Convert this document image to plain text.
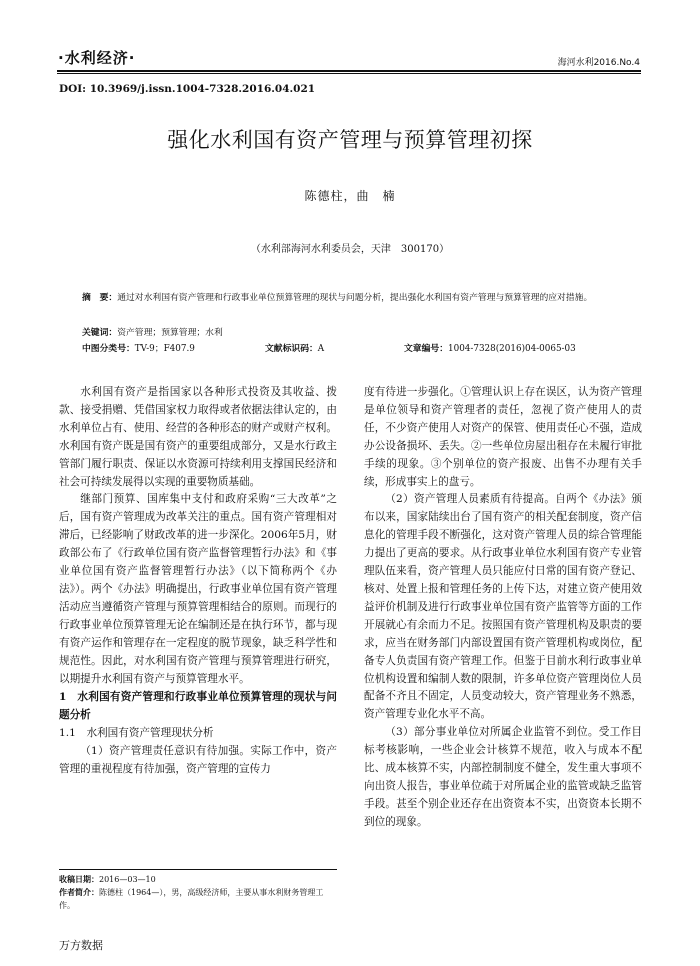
·水利经济·	海河水利2016.No.4
DOI: 10.3969/j.issn.1004-7328.2016.04.021
强化水利国有资产管理与预算管理初探
陈德柱，曲　楠
（水利部海河水利委员会，天津　300170）
摘　要：通过对水利国有资产管理和行政事业单位预算管理的现状与问题分析，提出强化水利国有资产管理与预算管理的应对措施。
关键词：资产管理；预算管理；水利
中图分类号：TV-9；F407.9	文献标识码：A	文章编号：1004-7328(2016)04-0065-03

水利国有资产是指国家以各种形式投资及其收益、拨款、接受捐赠、凭借国家权力取得或者依据法律认定的，由水利单位占有、使用、经营的各种形态的财产或财产权利。水利国有资产既是国有资产的重要组成部分，又是水行政主管部门履行职责、保证以水资源可持续利用支撑国民经济和社会可持续发展得以实现的重要物质基础。

继部门预算、国库集中支付和政府采购“三大改革”之后，国有资产管理成为改革关注的重点。国有资产管理相对滞后，已经影响了财政改革的进一步深化。2006年5月，财政部公布了《行政单位国有资产监督管理暂行办法》和《事业单位国有资产监督管理暂行办法》（以下简称两个《办法》）。两个《办法》明确提出，行政事业单位国有资产管理活动应当遵循资产管理与预算管理相结合的原则。而现行的行政事业单位预算管理无论在编制还是在执行环节，都与现有资产运作和管理存在一定程度的脱节现象，缺乏科学性和规范性。因此，对水利国有资产管理与预算管理进行研究，以期提升水利国有资产与预算管理水平。

1　水利国有资产管理和行政事业单位预算管理的现状与问题分析

1.1　水利国有资产管理现状分析

（1）资产管理责任意识有待加强。实际工作中，资产管理的重视程度有待加强，资产管理的宣传力

度有待进一步强化。①管理认识上存在误区，认为资产管理是单位领导和资产管理者的责任，忽视了资产使用人的责任，不少资产使用人对资产的保管、使用责任心不强，造成办公设备损坏、丢失。②一些单位房屋出租存在未履行审批手续的现象。③个别单位的资产报废、出售不办理有关手续，形成事实上的盘亏。

（2）资产管理人员素质有待提高。自两个《办法》颁布以来，国家陆续出台了国有资产的相关配套制度，资产信息化的管理手段不断强化，这对资产管理人员的综合管理能力提出了更高的要求。从行政事业单位水利国有资产专业管理队伍来看，资产管理人员只能应付日常的国有资产登记、核对、处置上报和管理任务的上传下达，对建立资产使用效益评价机制及进行行政事业单位国有资产监管等方面的工作开展就心有余而力不足。按照国有资产管理机构及职责的要求，应当在财务部门内部设置国有资产管理机构或岗位，配备专人负责国有资产管理工作。但鉴于目前水利行政事业单位机构设置和编制人数的限制，许多单位资产管理岗位人员配备不齐且不固定，人员变动较大，资产管理业务不熟悉，资产管理专业化水平不高。

（3）部分事业单位对所属企业监管不到位。受工作目标考核影响，一些企业会计核算不规范，收入与成本不配比、成本核算不实，内部控制制度不健全，发生重大事项不向出资人报告，事业单位疏于对所属企业的监管或缺乏监管手段。甚至个别企业还存在出资资本不实，出资资本长期不到位的现象。

收稿日期：2016—03—10
作者简介：陈德柱（1964—），男，高级经济师，主要从事水利财务管理工作。
万方数据
